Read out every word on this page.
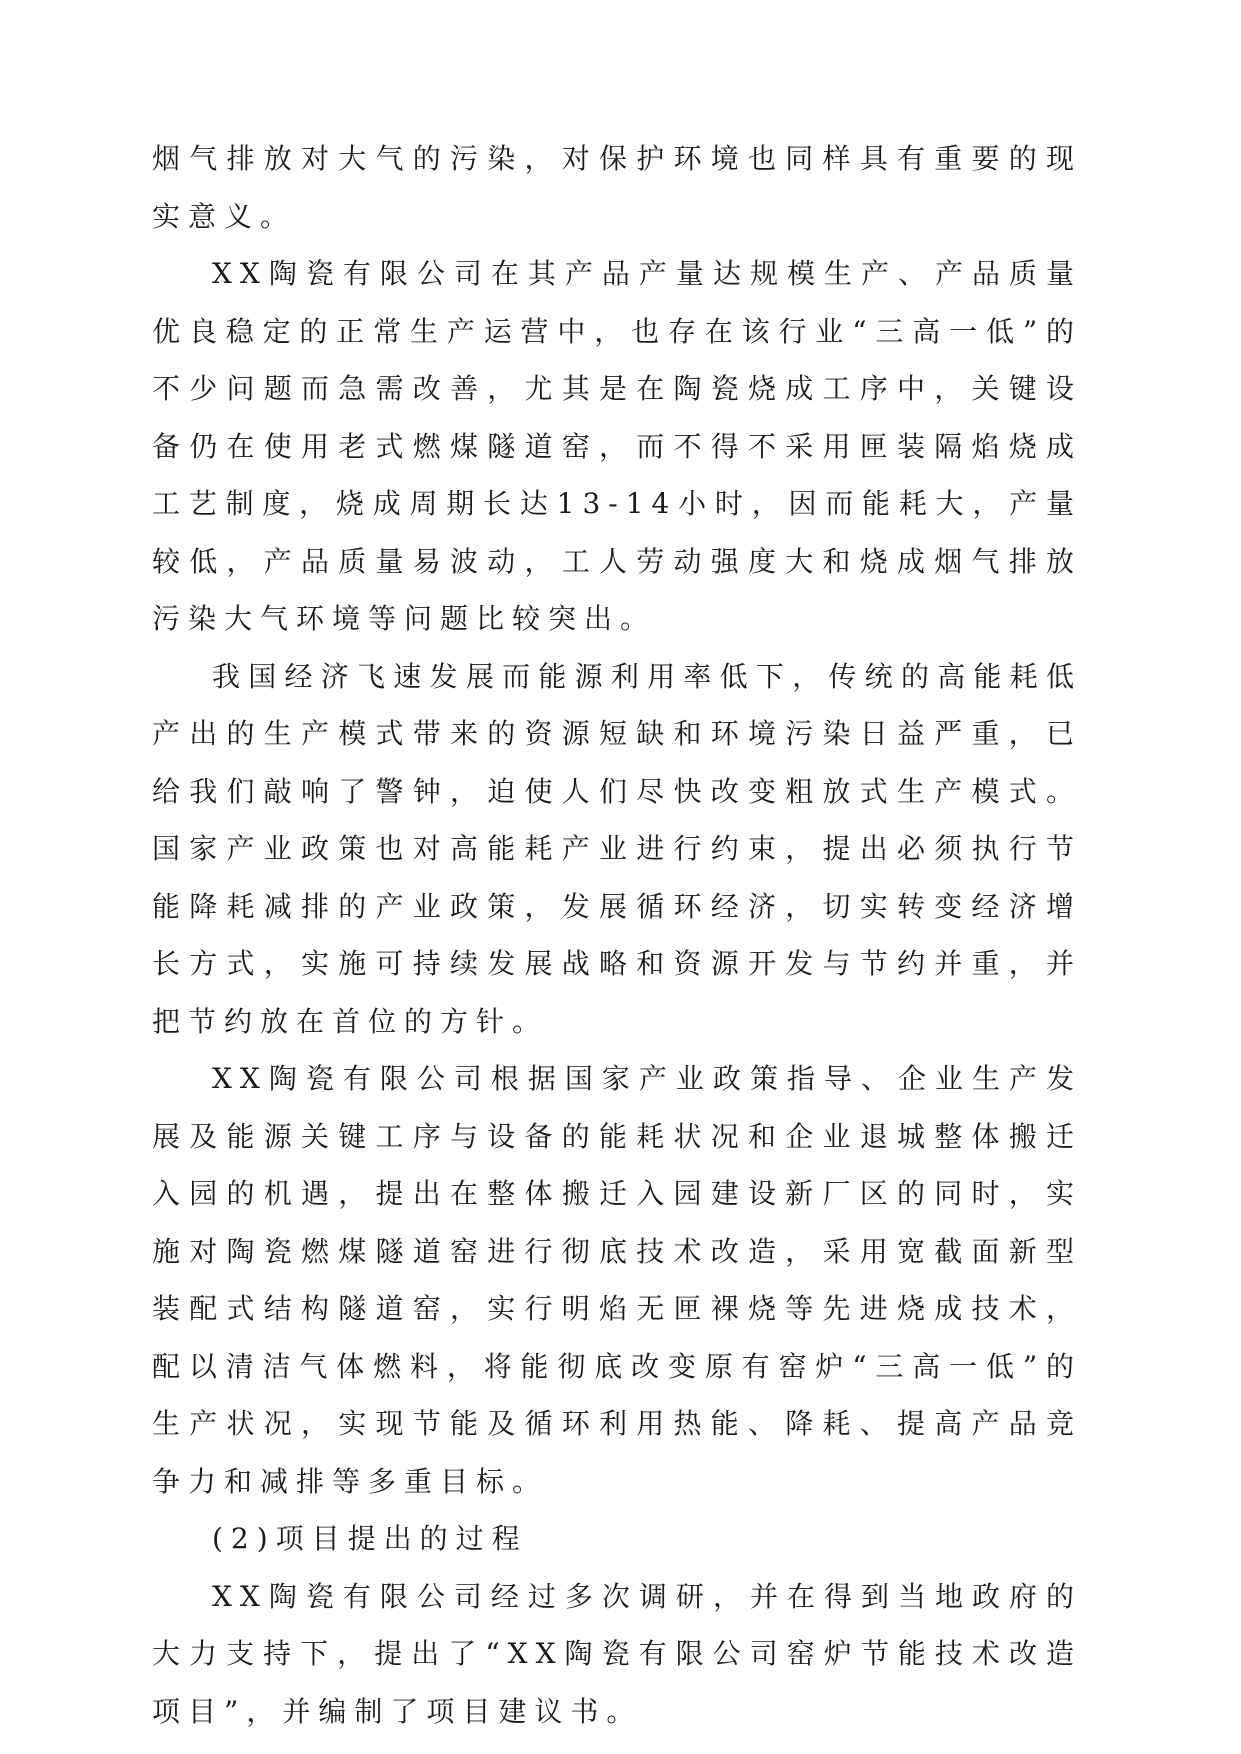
烟气排放对大气的污染，对保护环境也同样具有重要的现实意义。

XX陶瓷有限公司在其产品产量达规模生产、产品质量优良稳定的正常生产运营中，也存在该行业“三高一低”的不少问题而急需改善，尤其是在陶瓷烧成工序中，关键设备仍在使用老式燃煤隧道窑，而不得不采用匣装隔焰烧成工艺制度，烧成周期长达13-14小时，因而能耗大，产量较低，产品质量易波动，工人劳动强度大和烧成烟气排放污染大气环境等问题比较突出。

我国经济飞速发展而能源利用率低下，传统的高能耗低产出的生产模式带来的资源短缺和环境污染日益严重，已给我们敲响了警钟，迫使人们尽快改变粗放式生产模式。国家产业政策也对高能耗产业进行约束，提出必须执行节能降耗减排的产业政策，发展循环经济，切实转变经济增长方式，实施可持续发展战略和资源开发与节约并重，并把节约放在首位的方针。

XX陶瓷有限公司根据国家产业政策指导、企业生产发展及能源关键工序与设备的能耗状况和企业退城整体搬迁入园的机遇，提出在整体搬迁入园建设新厂区的同时，实施对陶瓷燃煤隧道窑进行彻底技术改造，采用宽截面新型装配式结构隧道窑，实行明焰无匣裸烧等先进烧成技术，配以清洁气体燃料，将能彻底改变原有窑炉“三高一低”的生产状况，实现节能及循环利用热能、降耗、提高产品竞争力和减排等多重目标。

(2)项目提出的过程

XX陶瓷有限公司经过多次调研，并在得到当地政府的大力支持下，提出了“XX陶瓷有限公司窑炉节能技术改造项目”，并编制了项目建议书。
